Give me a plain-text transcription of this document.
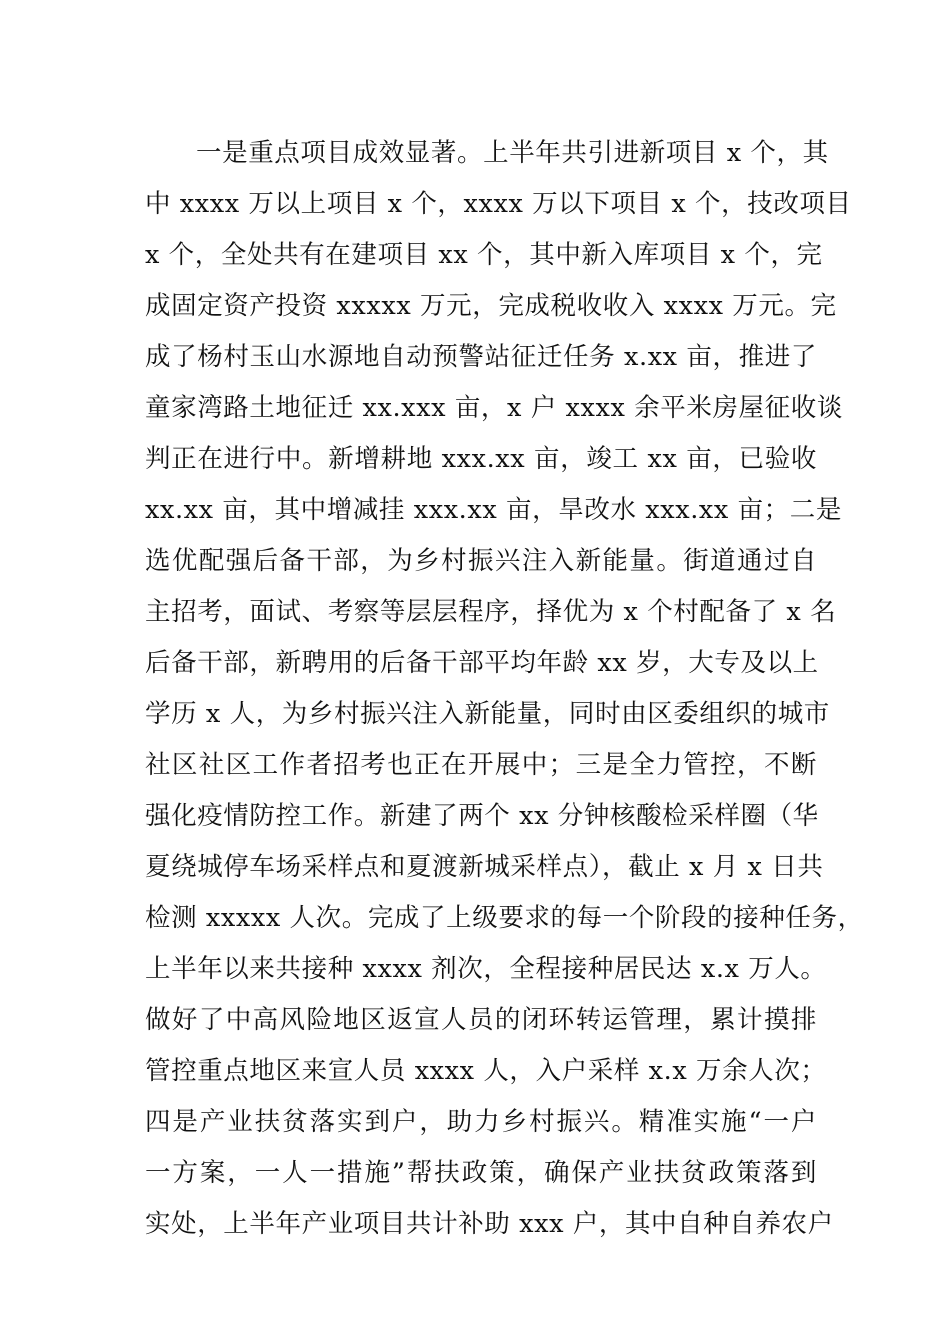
一是重点项目成效显著。上半年共引进新项目 x 个，其
中 xxxx 万以上项目 x 个，xxxx 万以下项目 x 个，技改项目
x 个，全处共有在建项目 xx 个，其中新入库项目 x 个，完
成固定资产投资 xxxxx 万元，完成税收收入 xxxx 万元。完
成了杨村玉山水源地自动预警站征迁任务 x.xx 亩，推进了
童家湾路土地征迁 xx.xxx 亩，x 户 xxxx 余平米房屋征收谈
判正在进行中。新增耕地 xxx.xx 亩，竣工 xx 亩，已验收
xx.xx 亩，其中增减挂 xxx.xx 亩，旱改水 xxx.xx 亩；二是
选优配强后备干部，为乡村振兴注入新能量。街道通过自
主招考，面试、考察等层层程序，择优为 x 个村配备了 x 名
后备干部，新聘用的后备干部平均年龄 xx 岁，大专及以上
学历 x 人，为乡村振兴注入新能量，同时由区委组织的城市
社区社区工作者招考也正在开展中；三是全力管控，不断
强化疫情防控工作。新建了两个 xx 分钟核酸检采样圈（华
夏绕城停车场采样点和夏渡新城采样点），截止 x 月 x 日共
检测 xxxxx 人次。完成了上级要求的每一个阶段的接种任务，
上半年以来共接种 xxxx 剂次，全程接种居民达 x.x 万人。
做好了中高风险地区返宣人员的闭环转运管理，累计摸排
管控重点地区来宣人员 xxxx 人，入户采样 x.x 万余人次；
四是产业扶贫落实到户，助力乡村振兴。精准实施“一户
一方案，一人一措施”帮扶政策，确保产业扶贫政策落到
实处，上半年产业项目共计补助 xxx 户，其中自种自养农户
